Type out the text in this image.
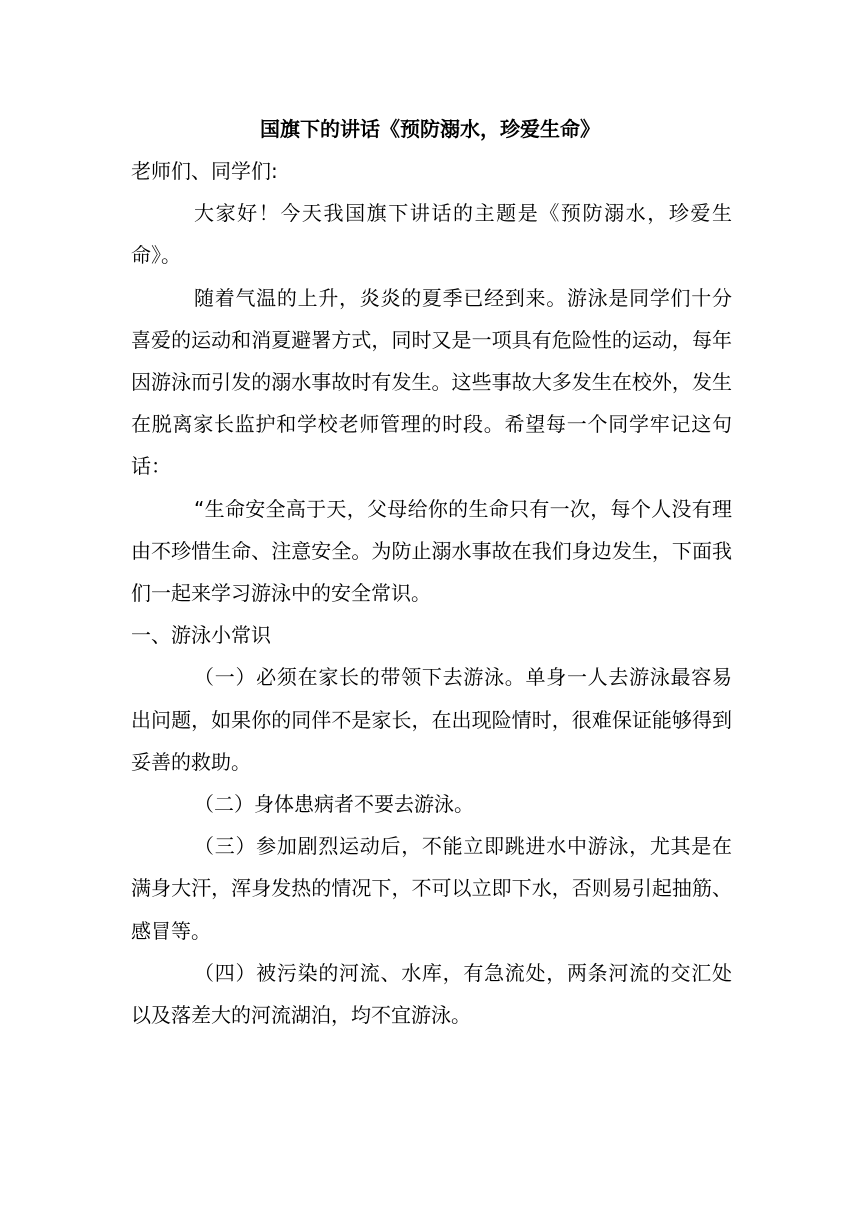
国旗下的讲话《预防溺水，珍爱生命》

老师们、同学们:

大家好！今天我国旗下讲话的主题是《预防溺水，珍爱生命》。

随着气温的上升，炎炎的夏季已经到来。游泳是同学们十分喜爱的运动和消夏避署方式，同时又是一项具有危险性的运动，每年因游泳而引发的溺水事故时有发生。这些事故大多发生在校外，发生在脱离家长监护和学校老师管理的时段。希望每一个同学牢记这句话：

“生命安全高于天，父母给你的生命只有一次，每个人没有理由不珍惜生命、注意安全。为防止溺水事故在我们身边发生，下面我们一起来学习游泳中的安全常识。

一、游泳小常识

（一）必须在家长的带领下去游泳。单身一人去游泳最容易出问题，如果你的同伴不是家长，在出现险情时，很难保证能够得到妥善的救助。

（二）身体患病者不要去游泳。

（三）参加剧烈运动后，不能立即跳进水中游泳，尤其是在满身大汗，浑身发热的情况下，不可以立即下水，否则易引起抽筋、感冒等。

（四）被污染的河流、水库，有急流处，两条河流的交汇处以及落差大的河流湖泊，均不宜游泳。
